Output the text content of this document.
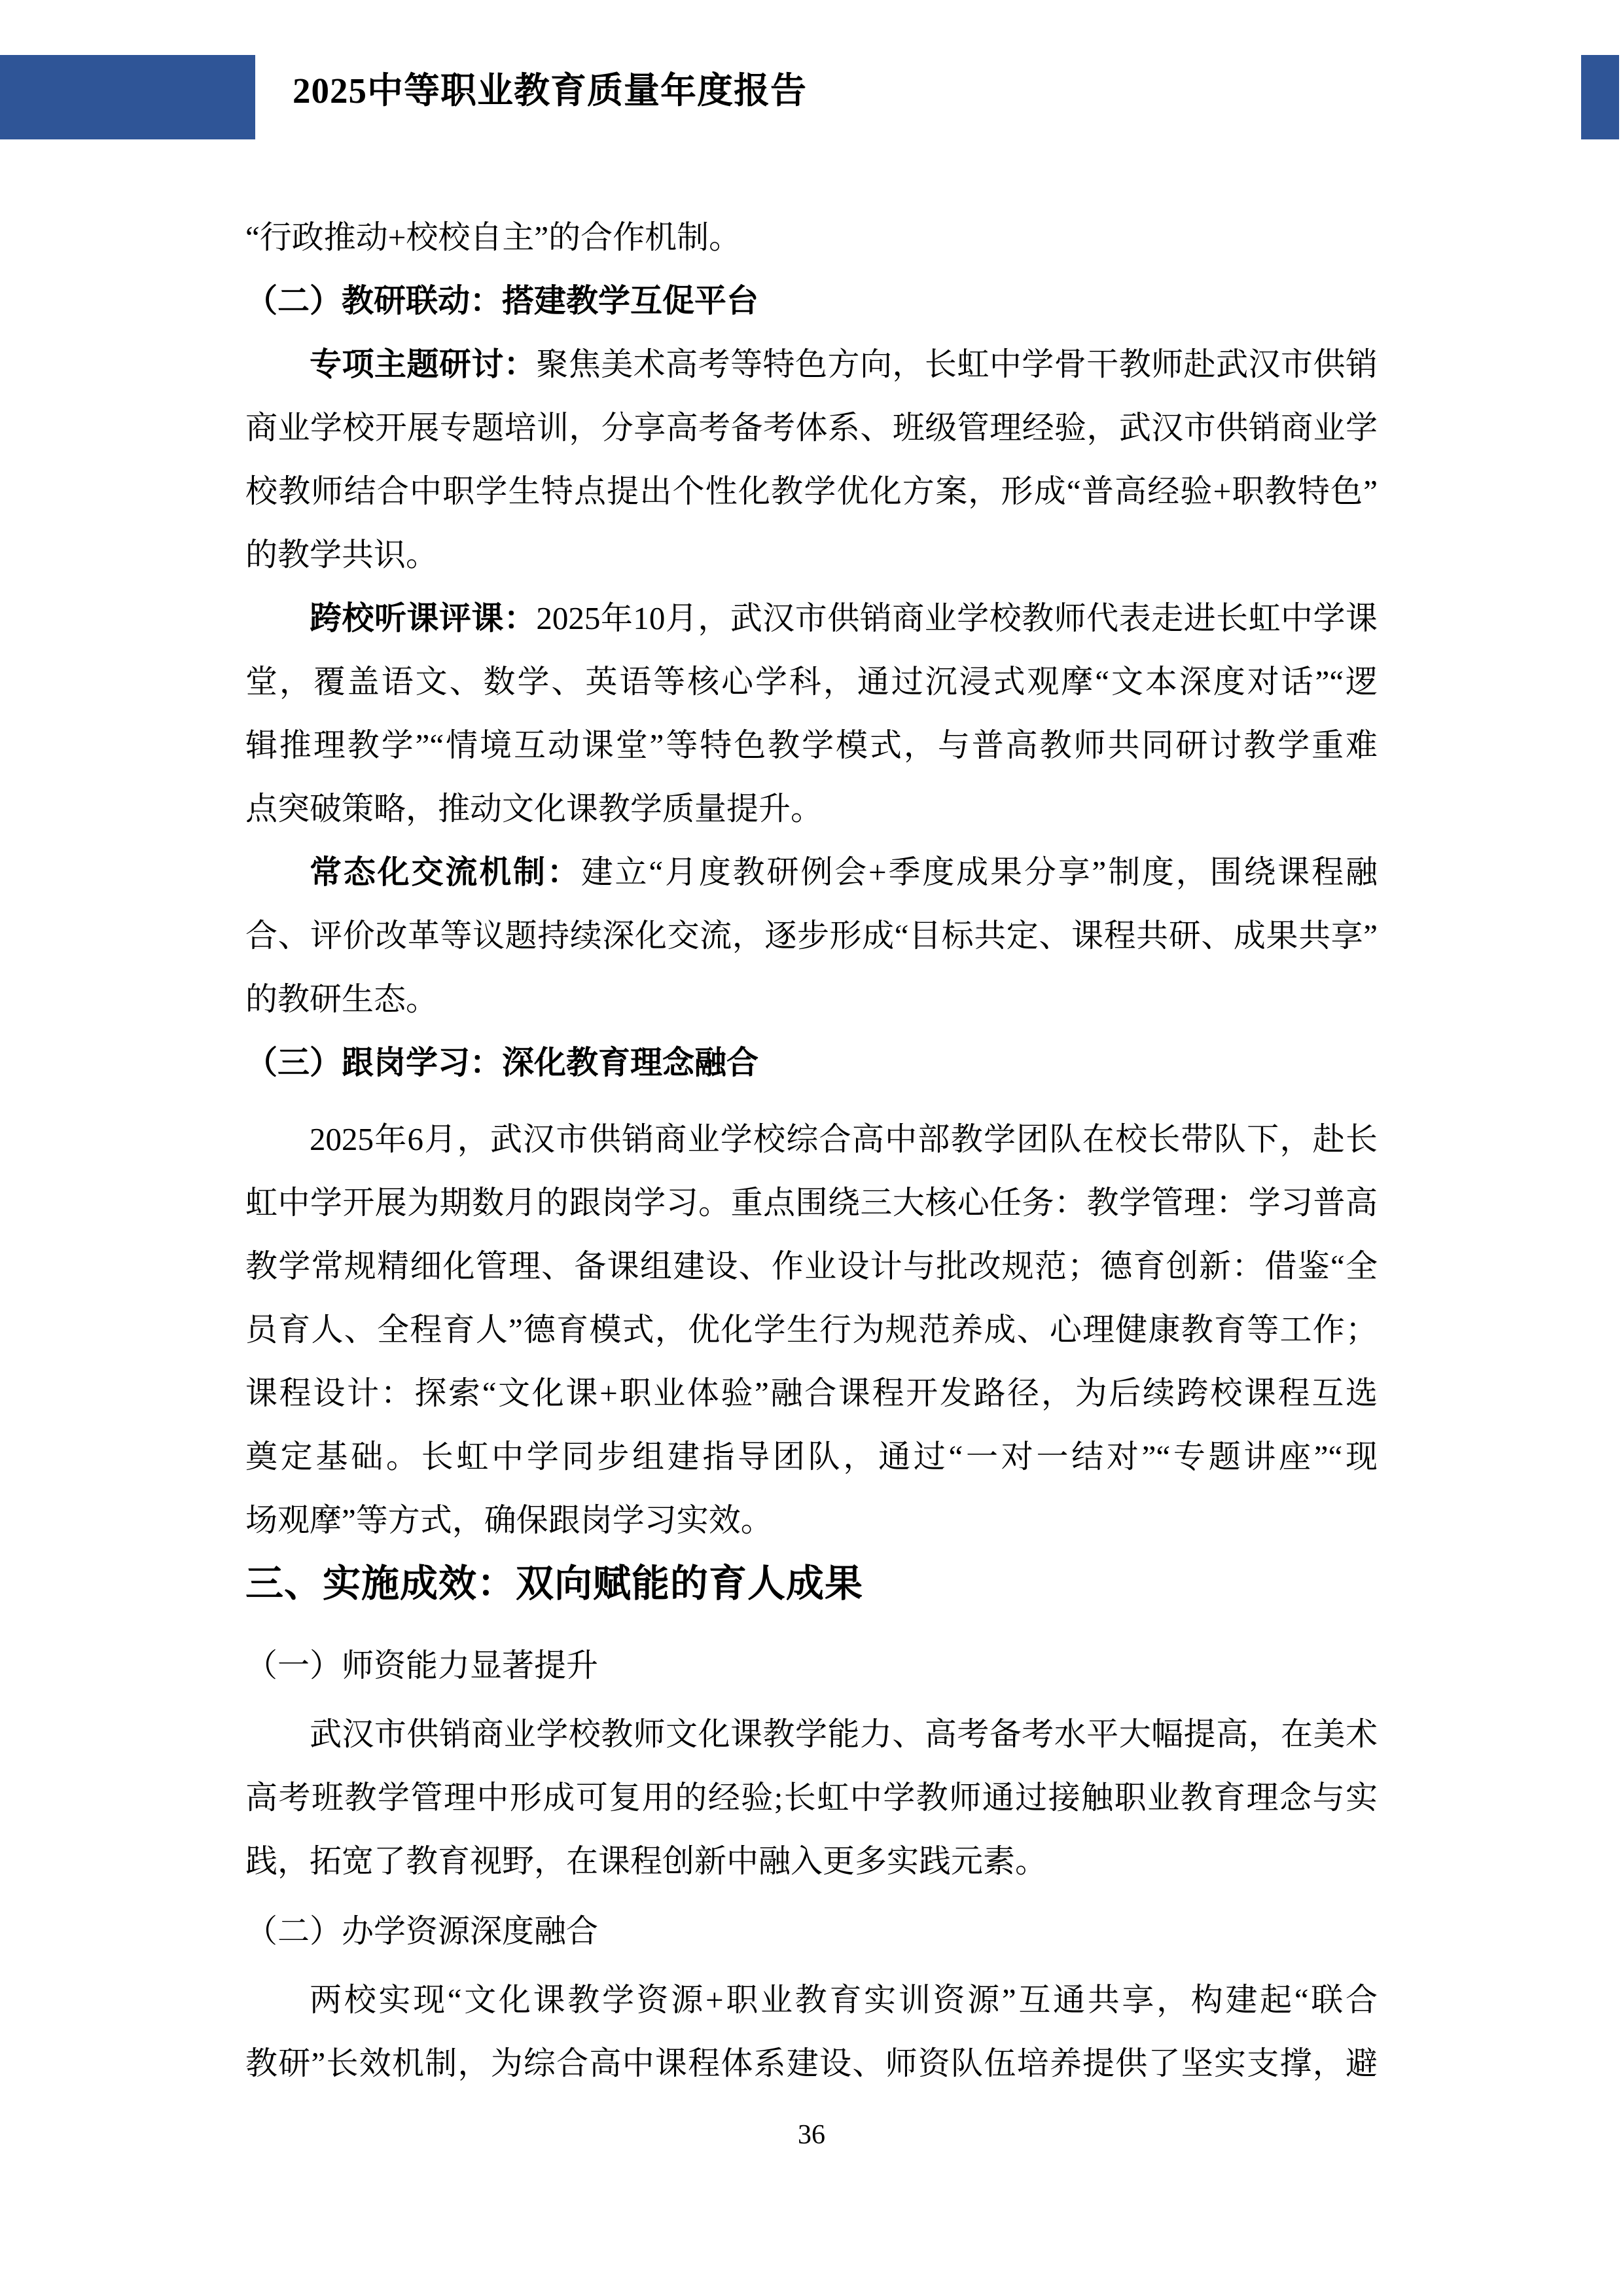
2025中等职业教育质量年度报告
“行政推动+校校自主”的合作机制。
（二）教研联动：搭建教学互促平台
专项主题研讨：聚焦美术高考等特色方向，长虹中学骨干教师赴武汉市供销
商业学校开展专题培训，分享高考备考体系、班级管理经验，武汉市供销商业学
校教师结合中职学生特点提出个性化教学优化方案，形成“普高经验+职教特色”
的教学共识。
跨校听课评课：2025年10月，武汉市供销商业学校教师代表走进长虹中学课
堂，覆盖语文、数学、英语等核心学科，通过沉浸式观摩“文本深度对话”“逻
辑推理教学”“情境互动课堂”等特色教学模式，与普高教师共同研讨教学重难
点突破策略，推动文化课教学质量提升。
常态化交流机制：建立“月度教研例会+季度成果分享”制度，围绕课程融
合、评价改革等议题持续深化交流，逐步形成“目标共定、课程共研、成果共享”
的教研生态。
（三）跟岗学习：深化教育理念融合
2025年6月，武汉市供销商业学校综合高中部教学团队在校长带队下，赴长
虹中学开展为期数月的跟岗学习。重点围绕三大核心任务：教学管理：学习普高
教学常规精细化管理、备课组建设、作业设计与批改规范；德育创新：借鉴“全
员育人、全程育人”德育模式，优化学生行为规范养成、心理健康教育等工作；
课程设计：探索“文化课+职业体验”融合课程开发路径，为后续跨校课程互选
奠定基础。长虹中学同步组建指导团队，通过“一对一结对”“专题讲座”“现
场观摩”等方式，确保跟岗学习实效。
三、实施成效：双向赋能的育人成果
（一）师资能力显著提升
武汉市供销商业学校教师文化课教学能力、高考备考水平大幅提高，在美术
高考班教学管理中形成可复用的经验;长虹中学教师通过接触职业教育理念与实
践，拓宽了教育视野，在课程创新中融入更多实践元素。
（二）办学资源深度融合
两校实现“文化课教学资源+职业教育实训资源”互通共享，构建起“联合
教研”长效机制，为综合高中课程体系建设、师资队伍培养提供了坚实支撑，避
36
